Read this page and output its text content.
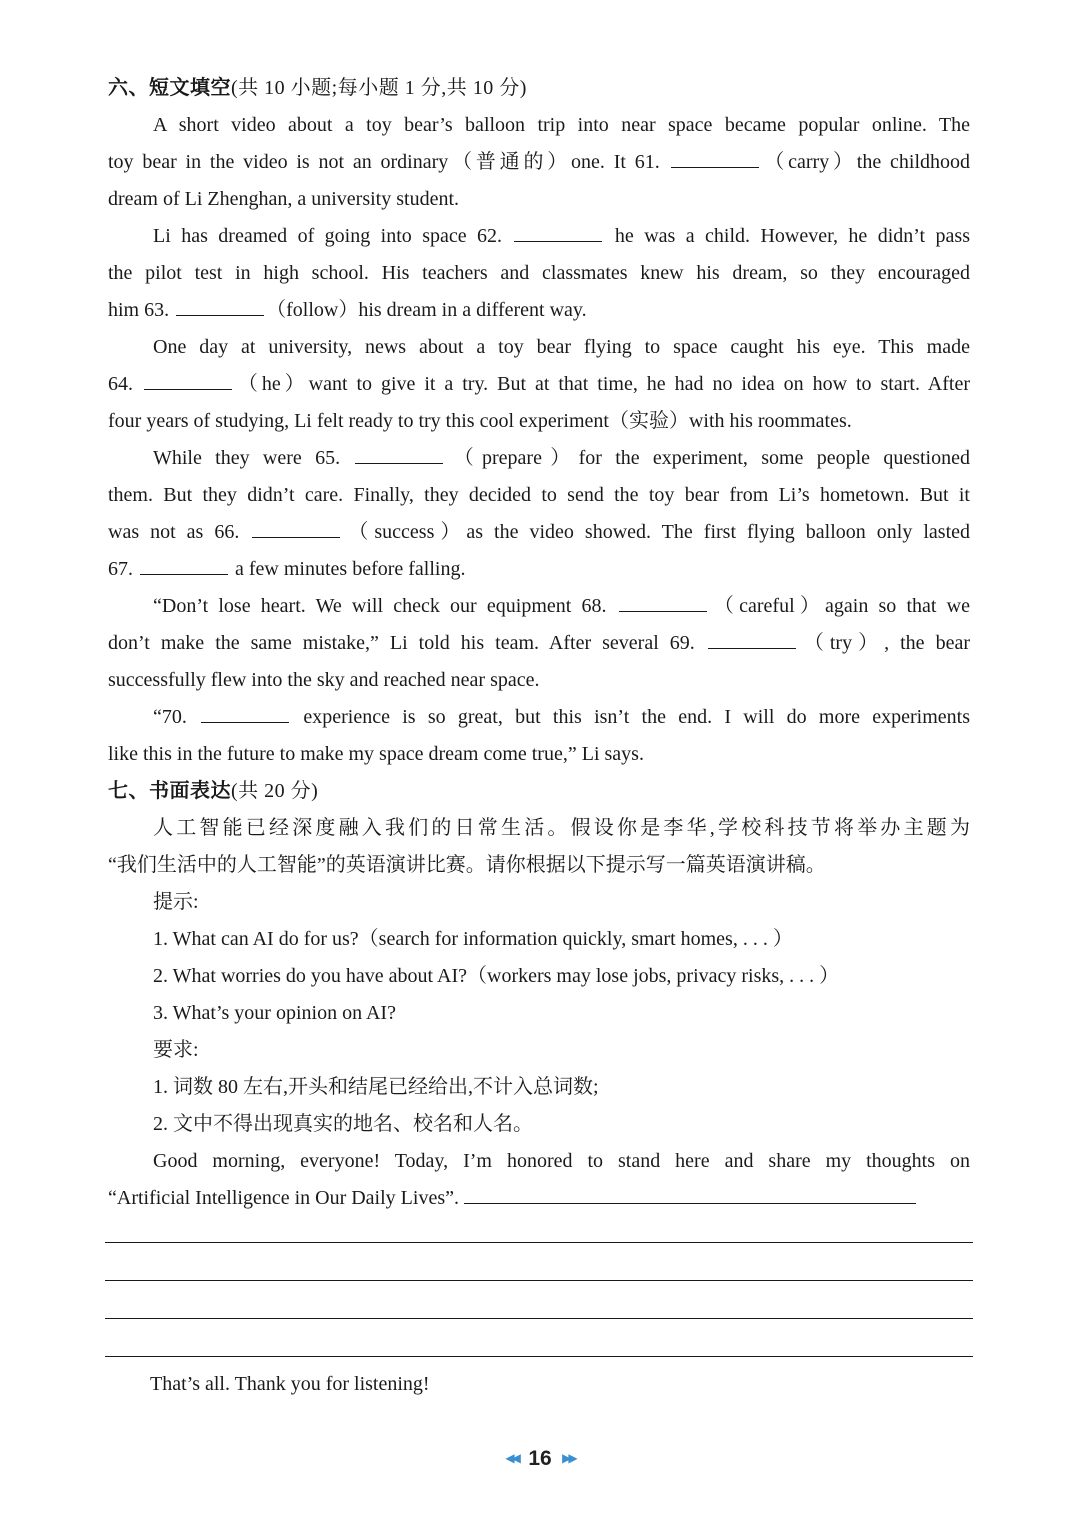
六、短文填空(共 10 小题;每小题 1 分,共 10 分)

A short video about a toy bear’s balloon trip into near space became popular online. The
toy bear in the video is not an ordinary（普通的）one. It 61.	（carry）the childhood
dream of Li Zhenghan, a university student.

Li has dreamed of going into space 62.	he was a child. However, he didn’t pass
the pilot test in high school. His teachers and classmates knew his dream, so they encouraged
him 63.	（follow）his dream in a different way.

One day at university, news about a toy bear flying to space caught his eye. This made
64.	（he）want to give it a try. But at that time, he had no idea on how to start. After
four years of studying, Li felt ready to try this cool experiment（实验）with his roommates.

While they were 65.	（prepare）for the experiment, some people questioned
them. But they didn’t care. Finally, they decided to send the toy bear from Li’s hometown. But it
was not as 66.	（success）as the video showed. The first flying balloon only lasted
67.	a few minutes before falling.

“Don’t lose heart. We will check our equipment 68.	（careful）again so that we
don’t make the same mistake,” Li told his team. After several 69.	（try）, the bear
successfully flew into the sky and reached near space.

“70.	experience is so great, but this isn’t the end. I will do more experiments
like this in the future to make my space dream come true,” Li says.

七、书面表达(共 20 分)
人工智能已经深度融入我们的日常生活。假设你是李华,学校科技节将举办主题为
“我们生活中的人工智能”的英语演讲比赛。请你根据以下提示写一篇英语演讲稿。
提示:
1. What can AI do for us?（search for information quickly, smart homes, . . . ）
2. What worries do you have about AI?（workers may lose jobs, privacy risks, . . . ）
3. What’s your opinion on AI?
要求:
1. 词数 80 左右,开头和结尾已经给出,不计入总词数;
2. 文中不得出现真实的地名、校名和人名。

Good morning, everyone! Today, I’m honored to stand here and share my thoughts on
“Artificial Intelligence in Our Daily Lives”.

That’s all. Thank you for listening!
◀◀ 16 ▶▶
